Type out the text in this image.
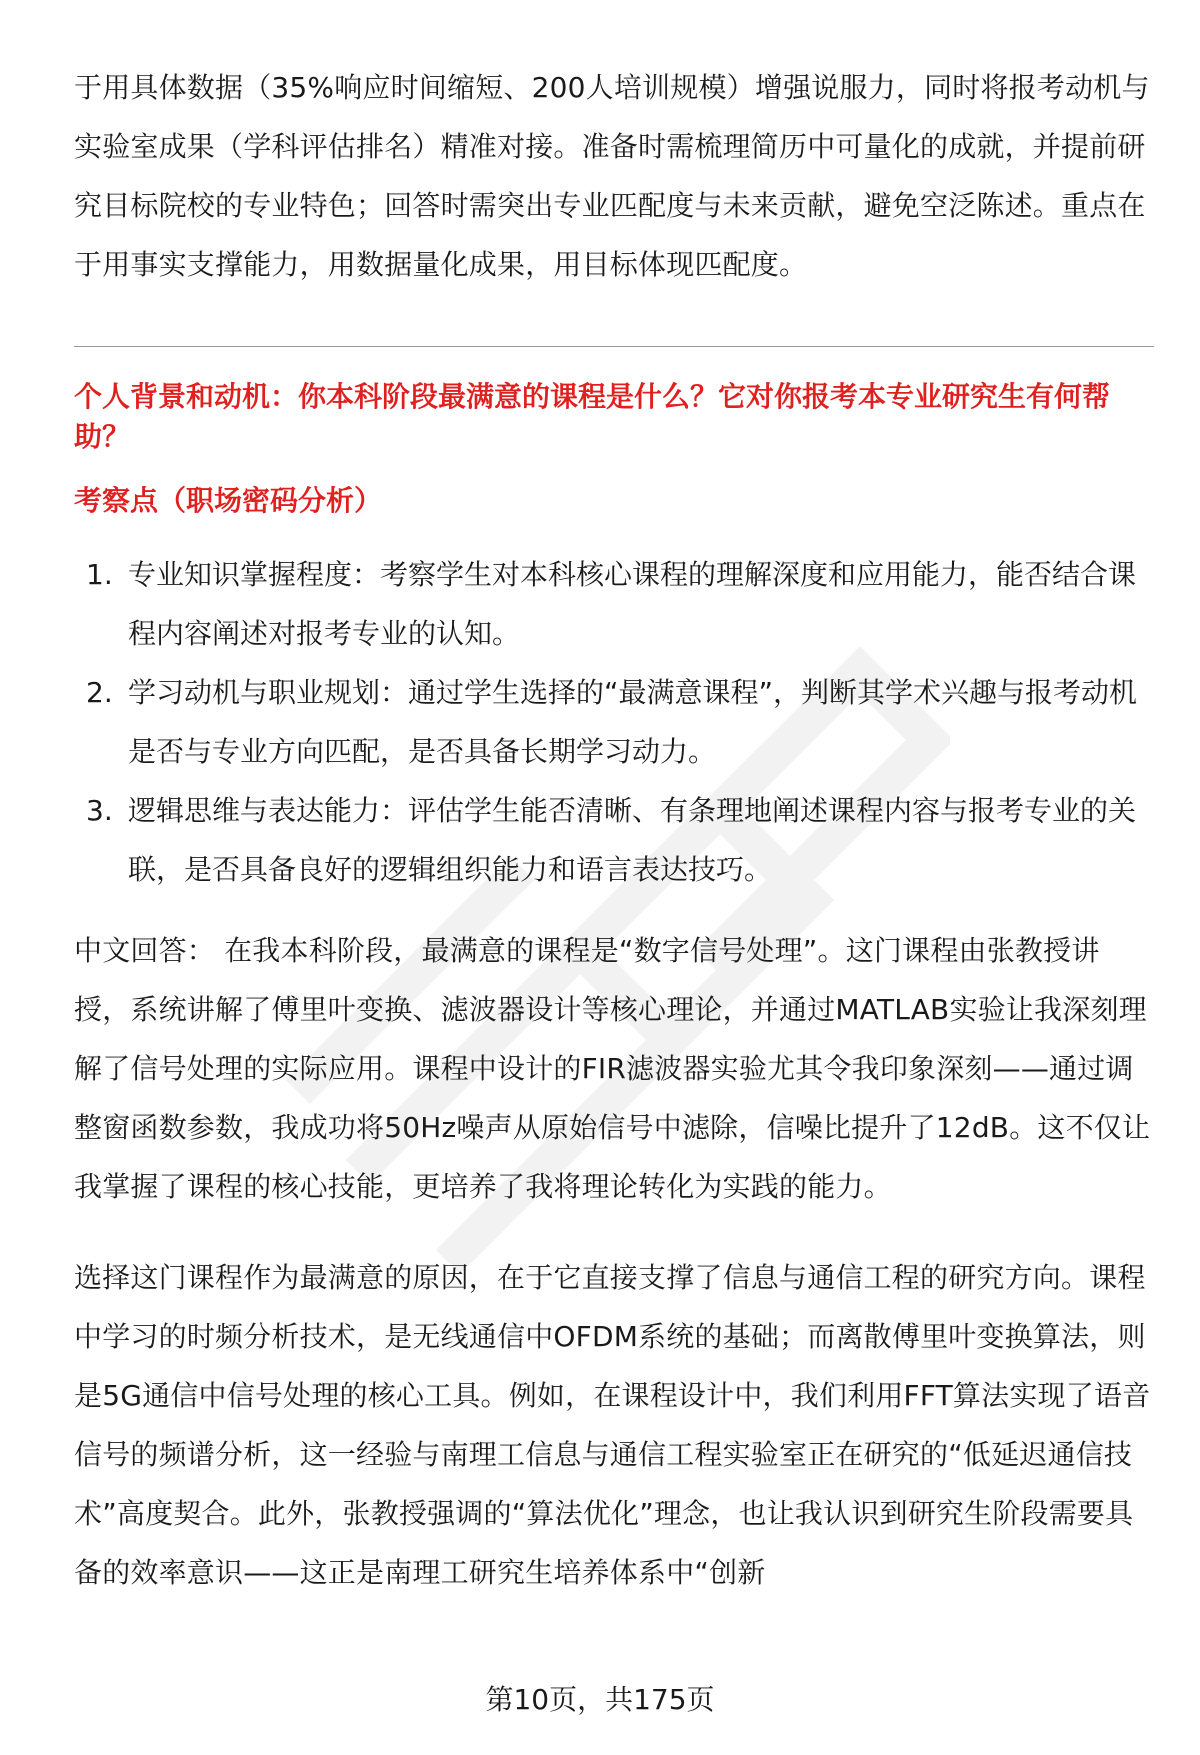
于用具体数据（35%响应时间缩短、200人培训规模）增强说服力，同时将报考动机与实验室成果（学科评估排名）精准对接。准备时需梳理简历中可量化的成就，并提前研究目标院校的专业特色；回答时需突出专业匹配度与未来贡献，避免空泛陈述。重点在于用事实支撑能力，用数据量化成果，用目标体现匹配度。

个人背景和动机：你本科阶段最满意的课程是什么？它对你报考本专业研究生有何帮助？
考察点（职场密码分析）
1. 专业知识掌握程度：考察学生对本科核心课程的理解深度和应用能力，能否结合课程内容阐述对报考专业的认知。
2. 学习动机与职业规划：通过学生选择的“最满意课程”，判断其学术兴趣与报考动机是否与专业方向匹配，是否具备长期学习动力。
3. 逻辑思维与表达能力：评估学生能否清晰、有条理地阐述课程内容与报考专业的关联，是否具备良好的逻辑组织能力和语言表达技巧。

中文回答： 在我本科阶段，最满意的课程是“数字信号处理”。这门课程由张教授讲授，系统讲解了傅里叶变换、滤波器设计等核心理论，并通过MATLAB实验让我深刻理解了信号处理的实际应用。课程中设计的FIR滤波器实验尤其令我印象深刻——通过调整窗函数参数，我成功将50Hz噪声从原始信号中滤除，信噪比提升了12dB。这不仅让我掌握了课程的核心技能，更培养了我将理论转化为实践的能力。

选择这门课程作为最满意的原因，在于它直接支撑了信息与通信工程的研究方向。课程中学习的时频分析技术，是无线通信中OFDM系统的基础；而离散傅里叶变换算法，则是5G通信中信号处理的核心工具。例如，在课程设计中，我们利用FFT算法实现了语音信号的频谱分析，这一经验与南理工信息与通信工程实验室正在研究的“低延迟通信技术”高度契合。此外，张教授强调的“算法优化”理念，也让我认识到研究生阶段需要具备的效率意识——这正是南理工研究生培养体系中“创新

第10页，共175页
